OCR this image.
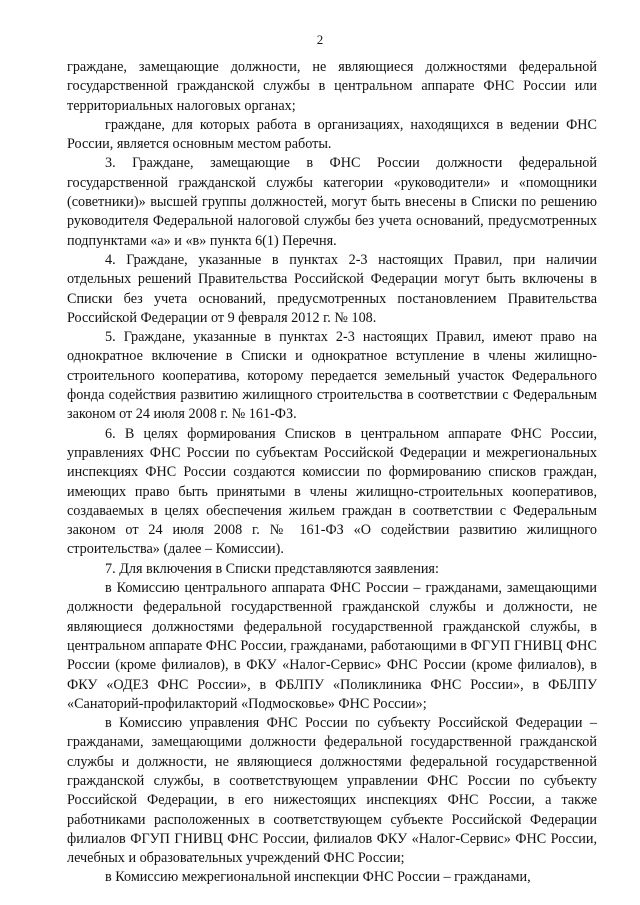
2

граждане, замещающие должности, не являющиеся должностями федеральной государственной гражданской службы в центральном аппарате ФНС России или территориальных налоговых органах;

граждане, для которых работа в организациях, находящихся в ведении ФНС России, является основным местом работы.

3. Граждане, замещающие в ФНС России должности федеральной государственной гражданской службы категории «руководители» и «помощники (советники)» высшей группы должностей, могут быть внесены в Списки по решению руководителя Федеральной налоговой службы без учета оснований, предусмотренных подпунктами «а» и «в» пункта 6(1) Перечня.

4. Граждане, указанные в пунктах 2-3 настоящих Правил, при наличии отдельных решений Правительства Российской Федерации могут быть включены в Списки без учета оснований, предусмотренных постановлением Правительства Российской Федерации от 9 февраля 2012 г. № 108.

5. Граждане, указанные в пунктах 2-3 настоящих Правил, имеют право на однократное включение в Списки и однократное вступление в члены жилищно-строительного кооператива, которому передается земельный участок Федерального фонда содействия развитию жилищного строительства в соответствии с Федеральным законом от 24 июля 2008 г. № 161-ФЗ.

6. В целях формирования Списков в центральном аппарате ФНС России, управлениях ФНС России по субъектам Российской Федерации и межрегиональных инспекциях ФНС России создаются комиссии по формированию списков граждан, имеющих право быть принятыми в члены жилищно-строительных кооперативов, создаваемых в целях обеспечения жильем граждан в соответствии с Федеральным законом от 24 июля 2008 г. № 161-ФЗ «О содействии развитию жилищного строительства» (далее – Комиссии).

7. Для включения в Списки представляются заявления:

в Комиссию центрального аппарата ФНС России – гражданами, замещающими должности федеральной государственной гражданской службы и должности, не являющиеся должностями федеральной государственной гражданской службы, в центральном аппарате ФНС России, гражданами, работающими в ФГУП ГНИВЦ ФНС России (кроме филиалов), в ФКУ «Налог-Сервис» ФНС России (кроме филиалов), в ФКУ «ОДЕЗ ФНС России», в ФБЛПУ «Поликлиника ФНС России», в ФБЛПУ «Санаторий-профилакторий «Подмосковье» ФНС России»;

в Комиссию управления ФНС России по субъекту Российской Федерации – гражданами, замещающими должности федеральной государственной гражданской службы и должности, не являющиеся должностями федеральной государственной гражданской службы, в соответствующем управлении ФНС России по субъекту Российской Федерации, в его нижестоящих инспекциях ФНС России, а также работниками расположенных в соответствующем субъекте Российской Федерации филиалов ФГУП ГНИВЦ ФНС России, филиалов ФКУ «Налог-Сервис» ФНС России, лечебных и образовательных учреждений ФНС России;

в Комиссию межрегиональной инспекции ФНС России – гражданами,
